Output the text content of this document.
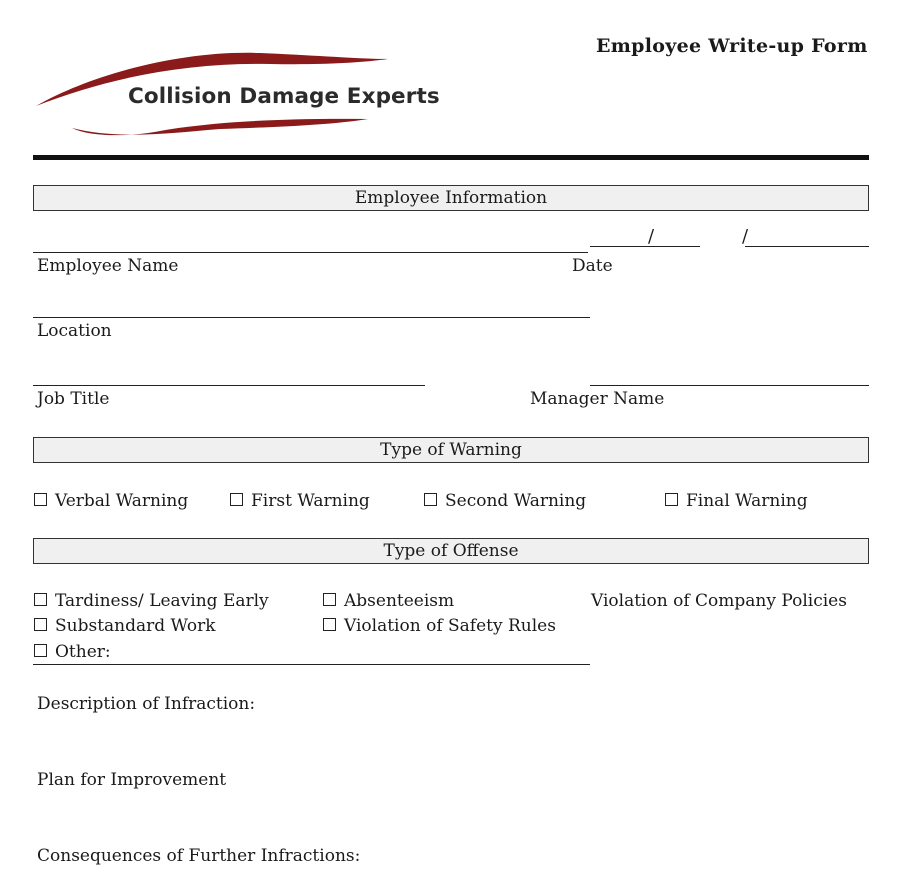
Collision Damage Experts
Employee Write-up Form
Employee Information
/	/
Employee Name	Date
Location
Job Title	Manager Name
Type of Warning
Verbal Warning	First Warning	Second Warning	Final Warning
Type of Offense
Tardiness/ Leaving Early	Absenteeism	Violation of Company Policies
Substandard Work	Violation of Safety Rules
Other:
Description of Infraction:
Plan for Improvement
Consequences of Further Infractions:
